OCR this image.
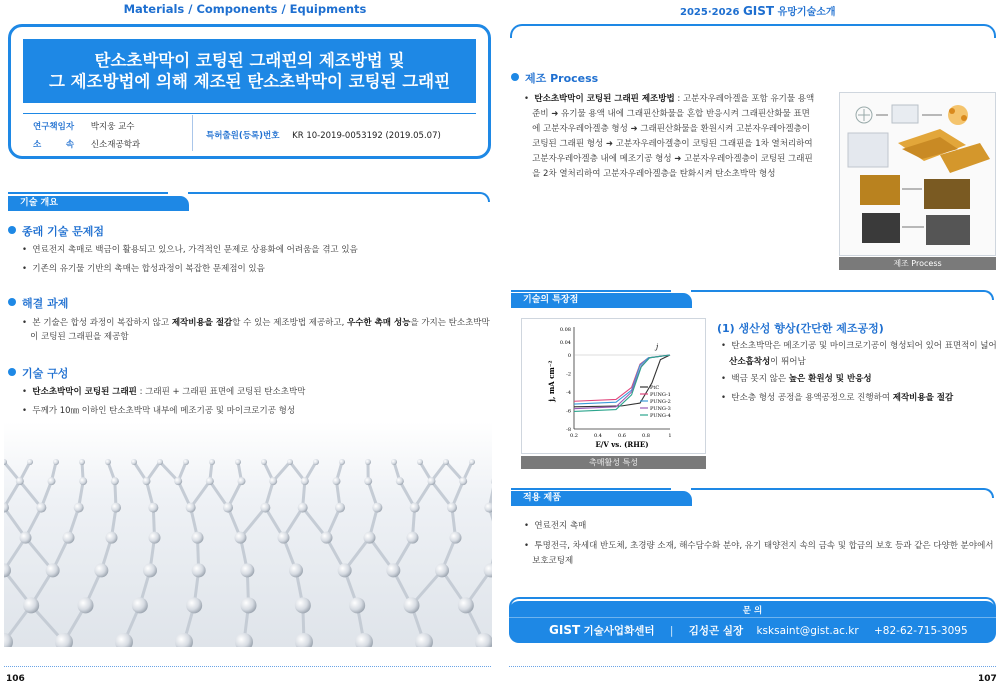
Materials / Components / Equipments	2025·2026 GIST 유망기술소개
탄소초박막이 코팅된 그래핀의 제조방법 및
그 제조방법에 의해 제조된 탄소초박막이 코팅된 그래핀
연구책임자 박지웅 교수
소	속 신소재공학과
특허출원(등록)번호 KR 10-2019-0053192 (2019.05.07)
기술 개요
종래 기술 문제점
•  연료전지 촉매로 백금이 활용되고 있으나, 가격적인 문제로 상용화에 어려움을 겪고 있음
•  기존의 유기물 기반의 촉매는 합성과정이 복잡한 문제점이 있음
해결 과제
•  본 기술은 합성 과정이 복잡하지 않고 제작비용을 절감할 수 있는 제조방법 제공하고, 우수한 촉매 성능을 가지는 탄소초박막
이 코팅된 그래핀을 제공함
기술 구성
•  탄소초박막이 코팅된 그래핀 : 그래핀 + 그래핀 표면에 코팅된 탄소초박막
•  두께가 10㎚ 이하인 탄소초박막 내부에 메조기공 및 마이크로기공 형성
106	107
제조 Process
•  탄소초박막이 코팅된 그래핀 제조방법 : 고분자우레아겔을 포함 유기물 용액
준비 ➜ 유기물 용액 내에 그래핀산화물을 혼합 반응시켜 그래핀산화물 표면
에 고분자우레아겔층 형성 ➜ 그래핀산화물을 환원시켜 고분자우레아겔층이
코팅된 그래핀 형성 ➜ 고분자우레아겔층이 코팅된 그래핀을 1차 열처리하여
고분자우레아겔층 내에 메조기공 형성 ➜ 고분자우레아겔층이 코팅된 그래핀
을 2차 열처리하여 고분자우레아겔층을 탄화시켜 탄소초박막 형성
제조 Process
기술의 특장점
E/V vs. (RHE)
j, mA cm⁻²
j
0.2	0.4	0.6	0.8	1
0.08
0.04
0
-2
-4
-6
-8
PtC
PUNG-1
PUNG-2
PUNG-3
PUNG-4
촉매활성 특성
(1) 생산성 향상(간단한 제조공정)
•  탄소초박막은 메조기공 및 마이크로기공이 형성되어 있어 표면적이 넓어
산소흡착성이 뛰어남
•  백금 못지 않은 높은 환원성 및 반응성
•  탄소층 형성 공정을 용액공정으로 진행하여 제작비용을 절감
적용 제품
•  연료전지 촉매
•  투명전극, 차세대 반도체, 초경량 소재, 해수담수화 분야, 유기 태양전지 속의 금속 및 합금의 보호 등과 같은 다양한 분야에서
보호코팅제
문 의
GIST 기술사업화센터 | 김성곤 실장 ksksaint@gist.ac.kr +82-62-715-3095
